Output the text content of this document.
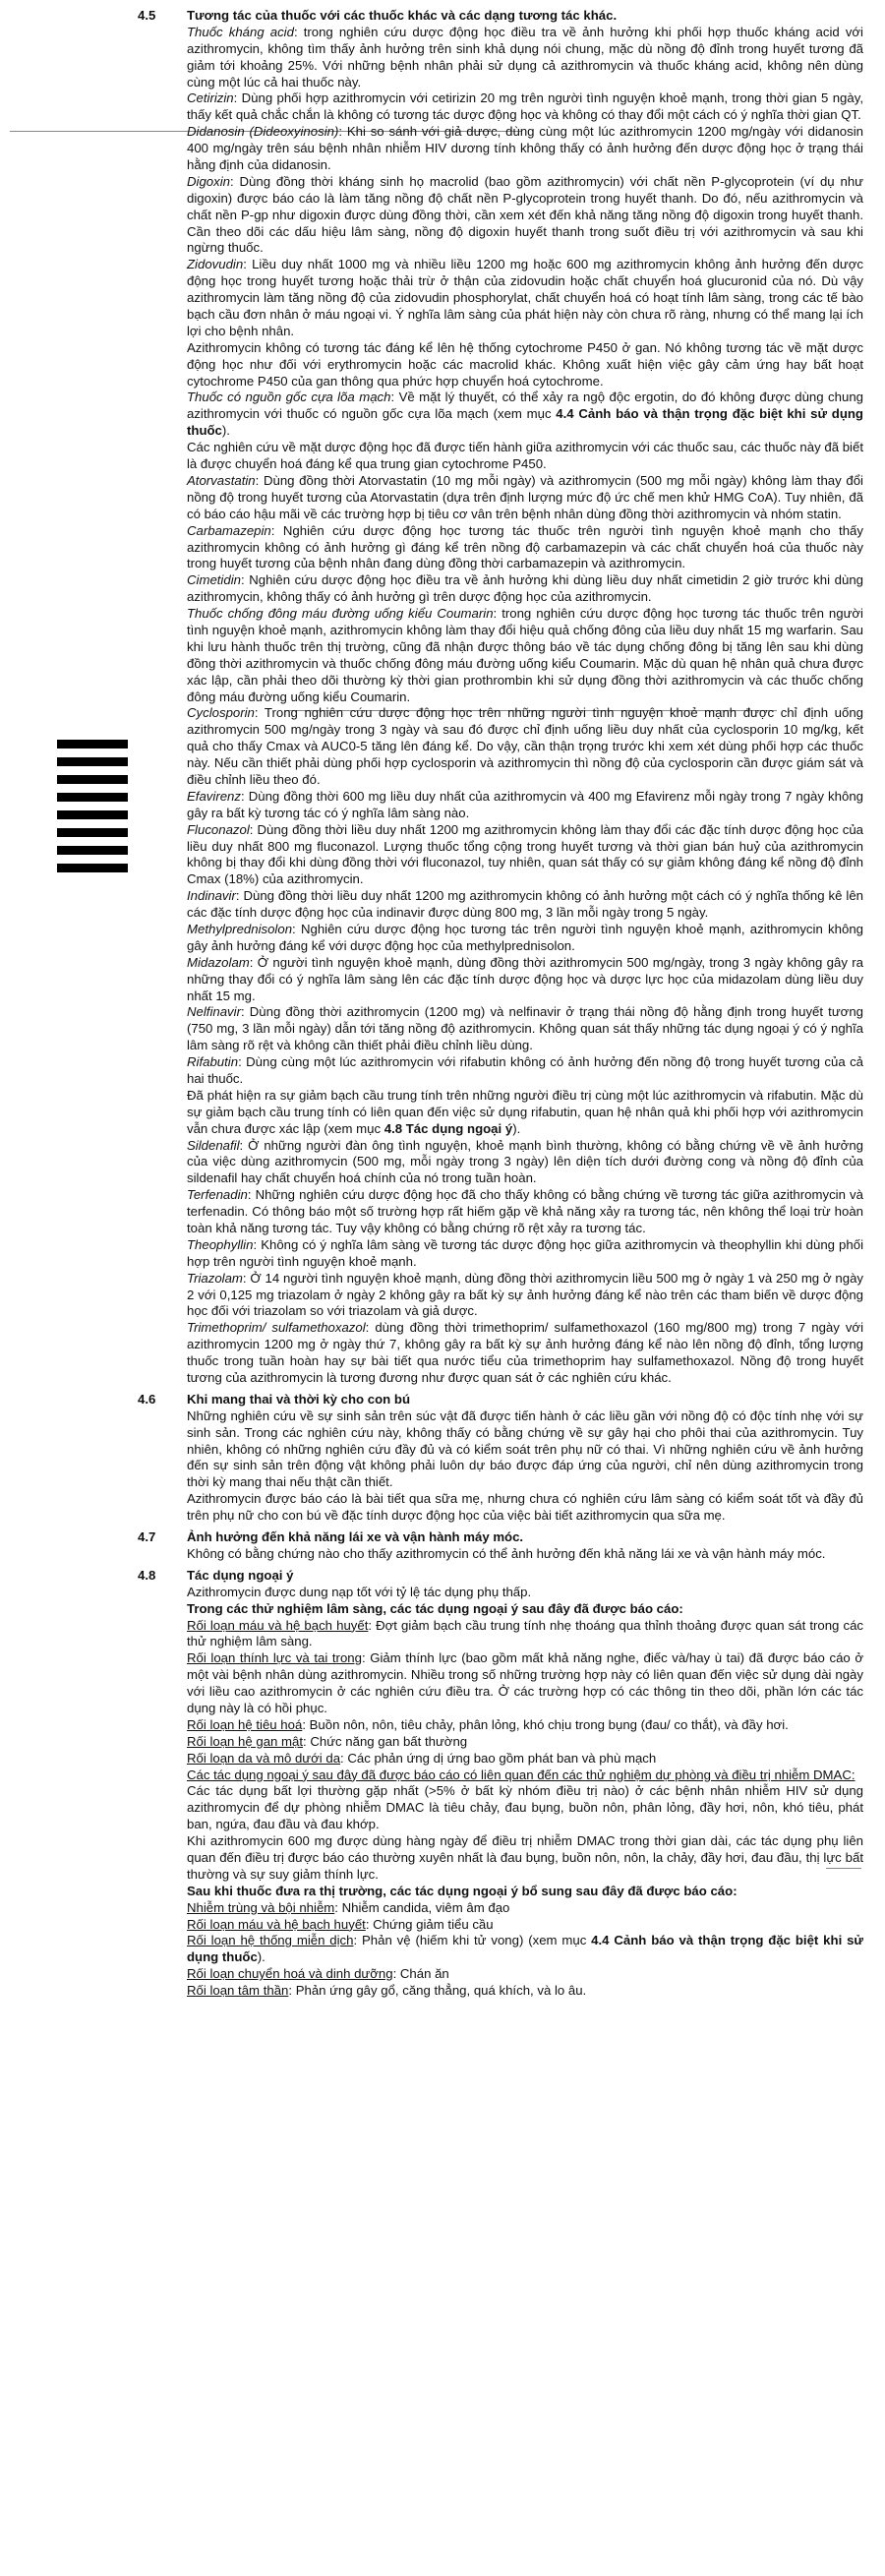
4.5 Tương tác của thuốc với các thuốc khác và các dạng tương tác khác.

Thuốc kháng acid: trong nghiên cứu dược động học điều tra về ảnh hưởng khi phối hợp thuốc kháng acid với azithromycin, không tìm thấy ảnh hưởng trên sinh khả dụng nói chung, mặc dù nồng độ đỉnh trong huyết tương đã giảm tới khoảng 25%. Với những bệnh nhân phải sử dụng cả azithromycin và thuốc kháng acid, không nên dùng cùng một lúc cả hai thuốc này.

Cetirizin: Dùng phối hợp azithromycin với cetirizin 20 mg trên người tình nguyện khoẻ mạnh, trong thời gian 5 ngày, thấy kết quả chắc chắn là không có tương tác dược động học và không có thay đổi một cách có ý nghĩa thời gian QT.

Didanosin (Dideoxyinosin): Khi so sánh với giả dược, dùng cùng một lúc azithromycin 1200 mg/ngày với didanosin 400 mg/ngày trên sáu bệnh nhân nhiễm HIV dương tính không thấy có ảnh hưởng đến dược động học ở trạng thái hằng định của didanosin.

Digoxin: Dùng đồng thời kháng sinh họ macrolid (bao gồm azithromycin) với chất nền P-glycoprotein (ví dụ như digoxin) được báo cáo là làm tăng nồng độ chất nền P-glycoprotein trong huyết thanh. Do đó, nếu azithromycin và chất nền P-gp như digoxin được dùng đồng thời, cần xem xét đến khả năng tăng nồng độ digoxin trong huyết thanh. Cần theo dõi các dấu hiệu lâm sàng, nồng độ digoxin huyết thanh trong suốt điều trị với azithromycin và sau khi ngừng thuốc.

Zidovudin: Liều duy nhất 1000 mg và nhiều liều 1200 mg hoặc 600 mg azithromycin không ảnh hưởng đến dược động học trong huyết tương hoặc thải trừ ở thận của zidovudin hoặc chất chuyển hoá glucuronid của nó. Dù vậy azithromycin làm tăng nồng độ của zidovudin phosphorylat, chất chuyển hoá có hoạt tính lâm sàng, trong các tế bào bạch cầu đơn nhân ở máu ngoại vi. Ý nghĩa lâm sàng của phát hiện này còn chưa rõ ràng, nhưng có thể mang lại ích lợi cho bệnh nhân.

Azithromycin không có tương tác đáng kể lên hệ thống cytochrome P450 ở gan. Nó không tương tác về mặt dược động học như đối với erythromycin hoặc các macrolid khác. Không xuất hiện việc gây cảm ứng hay bất hoạt cytochrome P450 của gan thông qua phức hợp chuyển hoá cytochrome.

Thuốc có nguồn gốc cựa lõa mạch: Về mặt lý thuyết, có thể xảy ra ngộ độc ergotin, do đó không được dùng chung azithromycin với thuốc có nguồn gốc cựa lõa mạch (xem mục 4.4 Cảnh báo và thận trọng đặc biệt khi sử dụng thuốc).

Các nghiên cứu về mặt dược động học đã được tiến hành giữa azithromycin với các thuốc sau, các thuốc này đã biết là được chuyển hoá đáng kể qua trung gian cytochrome P450.

Atorvastatin: Dùng đồng thời Atorvastatin (10 mg mỗi ngày) và azithromycin (500 mg mỗi ngày) không làm thay đổi nồng độ trong huyết tương của Atorvastatin (dựa trên định lượng mức độ ức chế men khử HMG CoA). Tuy nhiên, đã có báo cáo hậu mãi về các trường hợp bị tiêu cơ vân trên bệnh nhân dùng đồng thời azithromycin và nhóm statin.

Carbamazepin: Nghiên cứu dược động học tương tác thuốc trên người tình nguyện khoẻ mạnh cho thấy azithromycin không có ảnh hưởng gì đáng kể trên nồng độ carbamazepin và các chất chuyển hoá của thuốc này trong huyết tương của bệnh nhân đang dùng đồng thời carbamazepin và azithromycin.

Cimetidin: Nghiên cứu dược động học điều tra về ảnh hưởng khi dùng liều duy nhất cimetidin 2 giờ trước khi dùng azithromycin, không thấy có ảnh hưởng gì trên dược động học của azithromycin.

Thuốc chống đông máu đường uống kiểu Coumarin: trong nghiên cứu dược động học tương tác thuốc trên người tình nguyện khoẻ mạnh, azithromycin không làm thay đổi hiệu quả chống đông của liều duy nhất 15 mg warfarin. Sau khi lưu hành thuốc trên thị trường, cũng đã nhận được thông báo về tác dụng chống đông bị tăng lên sau khi dùng đồng thời azithromycin và thuốc chống đông máu đường uống kiểu Coumarin. Mặc dù quan hệ nhân quả chưa được xác lập, cần phải theo dõi thường kỳ thời gian prothrombin khi sử dụng đồng thời azithromycin và các thuốc chống đông máu đường uống kiểu Coumarin.

Cyclosporin: Trong nghiên cứu dược động học trên những người tình nguyện khoẻ mạnh được chỉ định uống azithromycin 500 mg/ngày trong 3 ngày và sau đó được chỉ định uống liều duy nhất của cyclosporin 10 mg/kg, kết quả cho thấy Cmax và AUC0-5 tăng lên đáng kể. Do vậy, cần thận trọng trước khi xem xét dùng phối hợp các thuốc này. Nếu cần thiết phải dùng phối hợp cyclosporin và azithromycin thì nồng độ của cyclosporin cần được giám sát và điều chỉnh liều theo đó.

Efavirenz: Dùng đồng thời 600 mg liều duy nhất của azithromycin và 400 mg Efavirenz mỗi ngày trong 7 ngày không gây ra bất kỳ tương tác có ý nghĩa lâm sàng nào.

Fluconazol: Dùng đồng thời liều duy nhất 1200 mg azithromycin không làm thay đổi các đặc tính dược động học của liều duy nhất 800 mg fluconazol. Lượng thuốc tổng cộng trong huyết tương và thời gian bán huỷ của azithromycin không bị thay đổi khi dùng đồng thời với fluconazol, tuy nhiên, quan sát thấy có sự giảm không đáng kể nồng độ đỉnh Cmax (18%) của azithromycin.

Indinavir: Dùng đồng thời liều duy nhất 1200 mg azithromycin không có ảnh hưởng một cách có ý nghĩa thống kê lên các đặc tính dược động học của indinavir được dùng 800 mg, 3 lần mỗi ngày trong 5 ngày.

Methylprednisolon: Nghiên cứu dược động học tương tác trên người tình nguyện khoẻ mạnh, azithromycin không gây ảnh hưởng đáng kể với dược động học của methylprednisolon.

Midazolam: Ở người tình nguyện khoẻ mạnh, dùng đồng thời azithromycin 500 mg/ngày, trong 3 ngày không gây ra những thay đổi có ý nghĩa lâm sàng lên các đặc tính dược động học và dược lực học của midazolam dùng liều duy nhất 15 mg.

Nelfinavir: Dùng đồng thời azithromycin (1200 mg) và nelfinavir ở trạng thái nồng độ hằng định trong huyết tương (750 mg, 3 lần mỗi ngày) dẫn tới tăng nồng độ azithromycin. Không quan sát thấy những tác dụng ngoại ý có ý nghĩa lâm sàng rõ rệt và không cần thiết phải điều chỉnh liều dùng.

Rifabutin: Dùng cùng một lúc azithromycin với rifabutin không có ảnh hưởng đến nồng độ trong huyết tương của cả hai thuốc.

Đã phát hiện ra sự giảm bạch cầu trung tính trên những người điều trị cùng một lúc azithromycin và rifabutin. Mặc dù sự giảm bạch cầu trung tính có liên quan đến việc sử dụng rifabutin, quan hệ nhân quả khi phối hợp với azithromycin vẫn chưa được xác lập (xem mục 4.8 Tác dụng ngoại ý).

Sildenafil: Ở những người đàn ông tình nguyện, khoẻ mạnh bình thường, không có bằng chứng về về ảnh hưởng của việc dùng azithromycin (500 mg, mỗi ngày trong 3 ngày) lên diện tích dưới đường cong và nồng độ đỉnh của sildenafil hay chất chuyển hoá chính của nó trong tuần hoàn.

Terfenadin: Những nghiên cứu dược động học đã cho thấy không có bằng chứng về tương tác giữa azithromycin và terfenadin. Có thông báo một số trường hợp rất hiếm gặp về khả năng xảy ra tương tác, nên không thể loại trừ hoàn toàn khả năng tương tác. Tuy vậy không có bằng chứng rõ rệt xảy ra tương tác.

Theophyllin: Không có ý nghĩa lâm sàng về tương tác dược động học giữa azithromycin và theophyllin khi dùng phối hợp trên người tình nguyện khoẻ mạnh.

Triazolam: Ở 14 người tình nguyện khoẻ mạnh, dùng đồng thời azithromycin liều 500 mg ở ngày 1 và 250 mg ở ngày 2 với 0,125 mg triazolam ở ngày 2 không gây ra bất kỳ sự ảnh hưởng đáng kể nào trên các tham biến về dược động học đối với triazolam so với triazolam và giả dược.

Trimethoprim/ sulfamethoxazol: dùng đồng thời trimethoprim/ sulfamethoxazol (160 mg/800 mg) trong 7 ngày với azithromycin 1200 mg ở ngày thứ 7, không gây ra bất kỳ sự ảnh hưởng đáng kể nào lên nồng độ đỉnh, tổng lượng thuốc trong tuần hoàn hay sự bài tiết qua nước tiểu của trimethoprim hay sulfamethoxazol. Nồng độ trong huyết tương của azithromycin là tương đương như được quan sát ở các nghiên cứu khác.

4.6 Khi mang thai và thời kỳ cho con bú

Những nghiên cứu về sự sinh sản trên súc vật đã được tiến hành ở các liều gần với nồng độ có độc tính nhẹ với sự sinh sản. Trong các nghiên cứu này, không thấy có bằng chứng về sự gây hại cho phôi thai của azithromycin. Tuy nhiên, không có những nghiên cứu đầy đủ và có kiểm soát trên phụ nữ có thai. Vì những nghiên cứu về ảnh hưởng đến sự sinh sản trên động vật không phải luôn dự báo được đáp ứng của người, chỉ nên dùng azithromycin trong thời kỳ mang thai nếu thật cần thiết.

Azithromycin được báo cáo là bài tiết qua sữa mẹ, nhưng chưa có nghiên cứu lâm sàng có kiểm soát tốt và đầy đủ trên phụ nữ cho con bú về đặc tính dược động học của việc bài tiết azithromycin qua sữa mẹ.

4.7 Ảnh hưởng đến khả năng lái xe và vận hành máy móc.

Không có bằng chứng nào cho thấy azithromycin có thể ảnh hưởng đến khả năng lái xe và vận hành máy móc.

4.8 Tác dụng ngoại ý

Azithromycin được dung nạp tốt với tỷ lệ tác dụng phụ thấp.

Trong các thử nghiệm lâm sàng, các tác dụng ngoại ý sau đây đã được báo cáo:

Rối loạn máu và hệ bạch huyết: Đợt giảm bạch cầu trung tính nhẹ thoáng qua thỉnh thoảng được quan sát trong các thử nghiệm lâm sàng.

Rối loạn thính lực và tai trong: Giảm thính lực (bao gồm mất khả năng nghe, điếc và/hay ù tai) đã được báo cáo ở một vài bệnh nhân dùng azithromycin. Nhiều trong số những trường hợp này có liên quan đến việc sử dụng dài ngày với liều cao azithromycin ở các nghiên cứu điều tra. Ở các trường hợp có các thông tin theo dõi, phần lớn các tác dụng này là có hồi phục.

Rối loạn hệ tiêu hoá: Buồn nôn, nôn, tiêu chảy, phân lỏng, khó chịu trong bụng (đau/ co thắt), và đầy hơi.

Rối loạn hệ gan mật: Chức năng gan bất thường

Rối loạn da và mô dưới da: Các phản ứng dị ứng bao gồm phát ban và phù mạch

Các tác dụng ngoại ý sau đây đã được báo cáo có liên quan đến các thử nghiệm dự phòng và điều trị nhiễm DMAC:

Các tác dụng bất lợi thường gặp nhất (>5% ở bất kỳ nhóm điều trị nào) ở các bệnh nhân nhiễm HIV sử dụng azithromycin để dự phòng nhiễm DMAC là tiêu chảy, đau bụng, buồn nôn, phân lỏng, đầy hơi, nôn, khó tiêu, phát ban, ngứa, đau đầu và đau khớp.

Khi azithromycin 600 mg được dùng hàng ngày để điều trị nhiễm DMAC trong thời gian dài, các tác dụng phụ liên quan đến điều trị được báo cáo thường xuyên nhất là đau bụng, buồn nôn, nôn, la chảy, đầy hơi, đau đầu, thị lực bất thường và sự suy giảm thính lực.

Sau khi thuốc đưa ra thị trường, các tác dụng ngoại ý bổ sung sau đây đã được báo cáo:

Nhiễm trùng và bội nhiễm: Nhiễm candida, viêm âm đạo

Rối loạn máu và hệ bạch huyết: Chứng giảm tiểu cầu

Rối loạn hệ thống miễn dịch: Phản vệ (hiếm khi tử vong) (xem mục 4.4 Cảnh báo và thận trọng đặc biệt khi sử dụng thuốc).

Rối loạn chuyển hoá và dinh dưỡng: Chán ăn

Rối loạn tâm thần: Phản ứng gây gổ, căng thẳng, quá khích, và lo âu.
